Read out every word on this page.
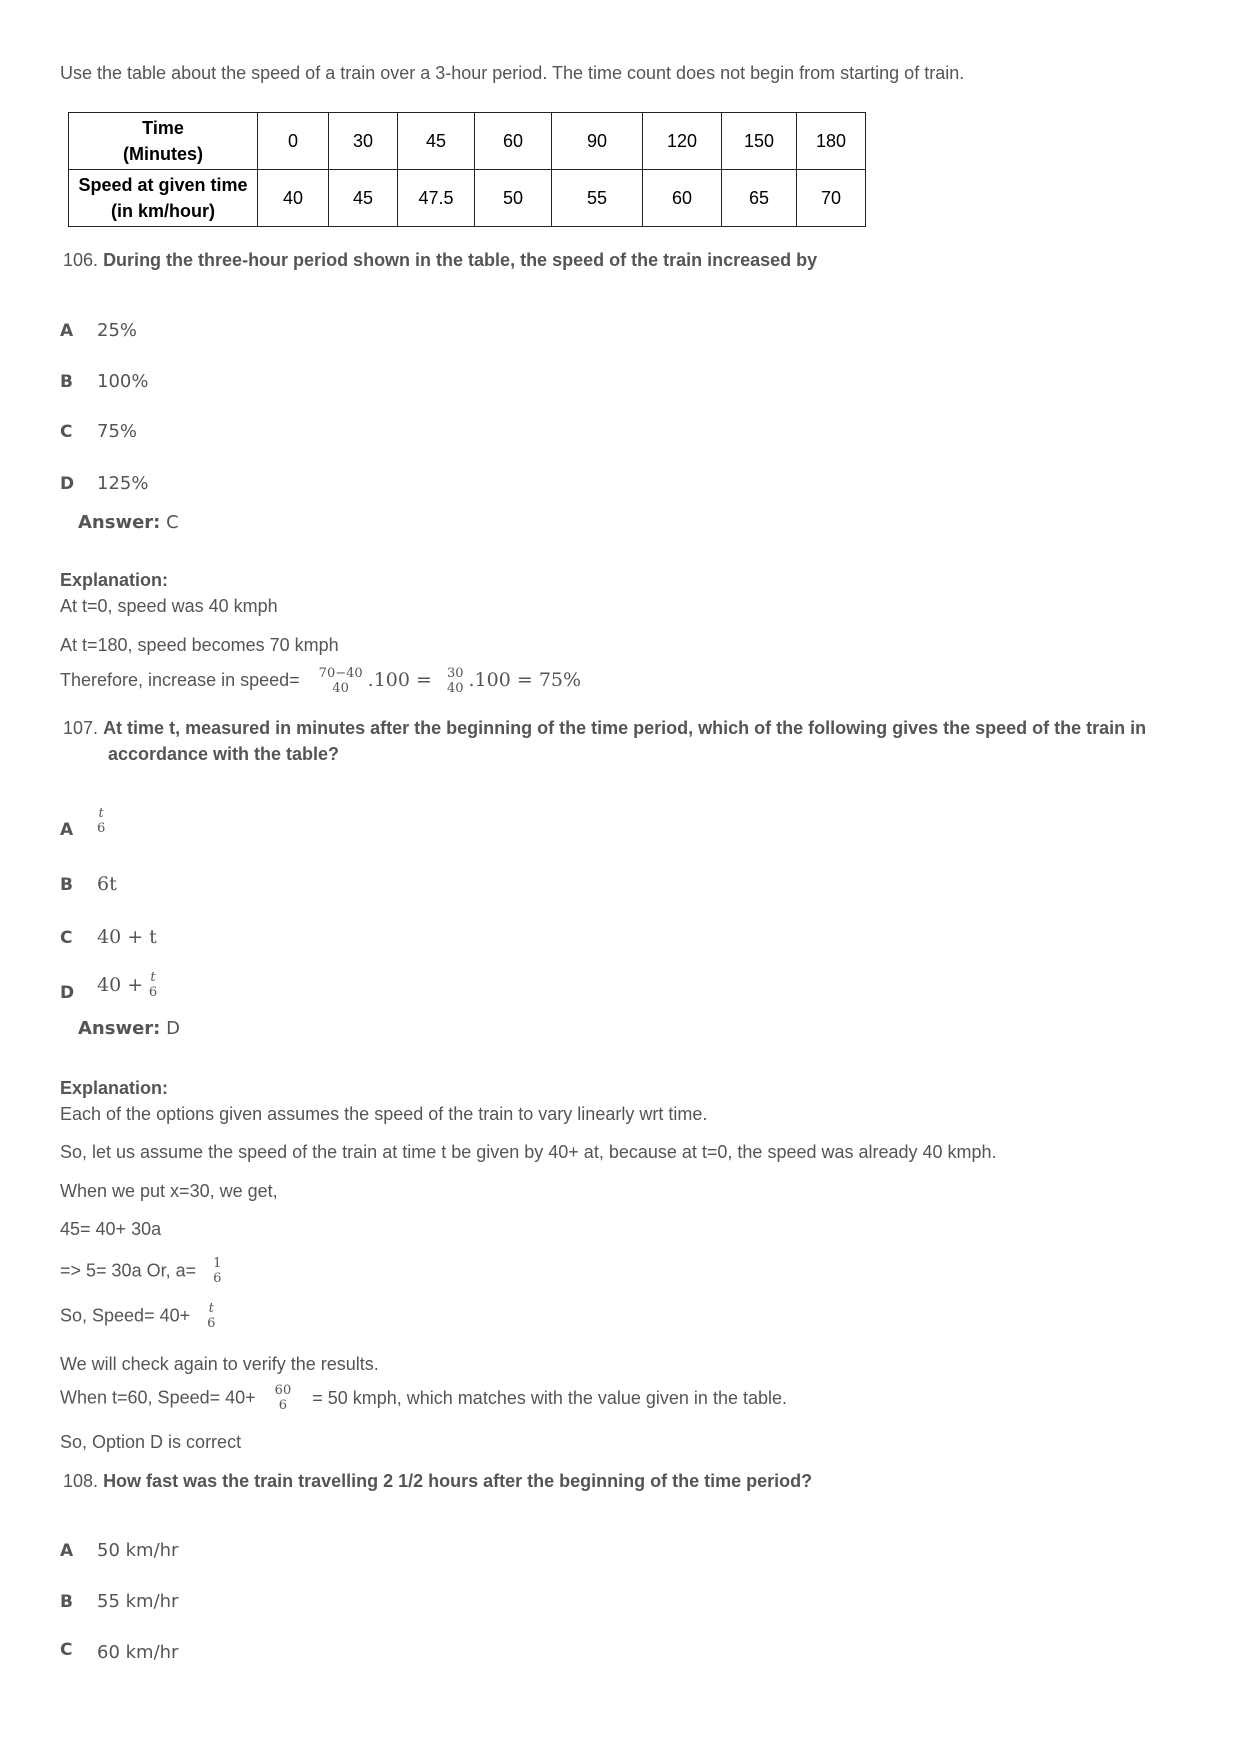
Use the table about the speed of a train over a 3-hour period. The time count does not begin from starting of train.
Time
(Minutes)	0	30	45	60	90	120	150	180
Speed at given time
(in km/hour)	40	45	47.5	50	55	60	65	70
106. During the three-hour period shown in the table, the speed of the train increased by
A 25%
B 100%
C 75%
D 125%
Answer: C
Explanation:
At t=0, speed was 40 kmph
At t=180, speed becomes 70 kmph
Therefore, increase in speed= 70−40
40 .100 = 30
40 .100 = 75%
107. At time t, measured in minutes after the beginning of the time period, which of the following gives the speed of the train in
accordance with the table?
A
t
6
B 6t
C 40 + t
D 40 + t
6
Answer: D
Explanation:
Each of the options given assumes the speed of the train to vary linearly wrt time.
So, let us assume the speed of the train at time t be given by 40+ at, because at t=0, the speed was already 40 kmph.
When we put x=30, we get,
45= 40+ 30a
=> 5= 30a Or, a= 1
6
So, Speed= 40+ t
6
We will check again to verify the results.
When t=60, Speed= 40+ 60
6 = 50 kmph, which matches with the value given in the table.
So, Option D is correct
108. How fast was the train travelling 2 1/2 hours after the beginning of the time period?
A 50 km/hr
B 55 km/hr
C 60 km/hr
